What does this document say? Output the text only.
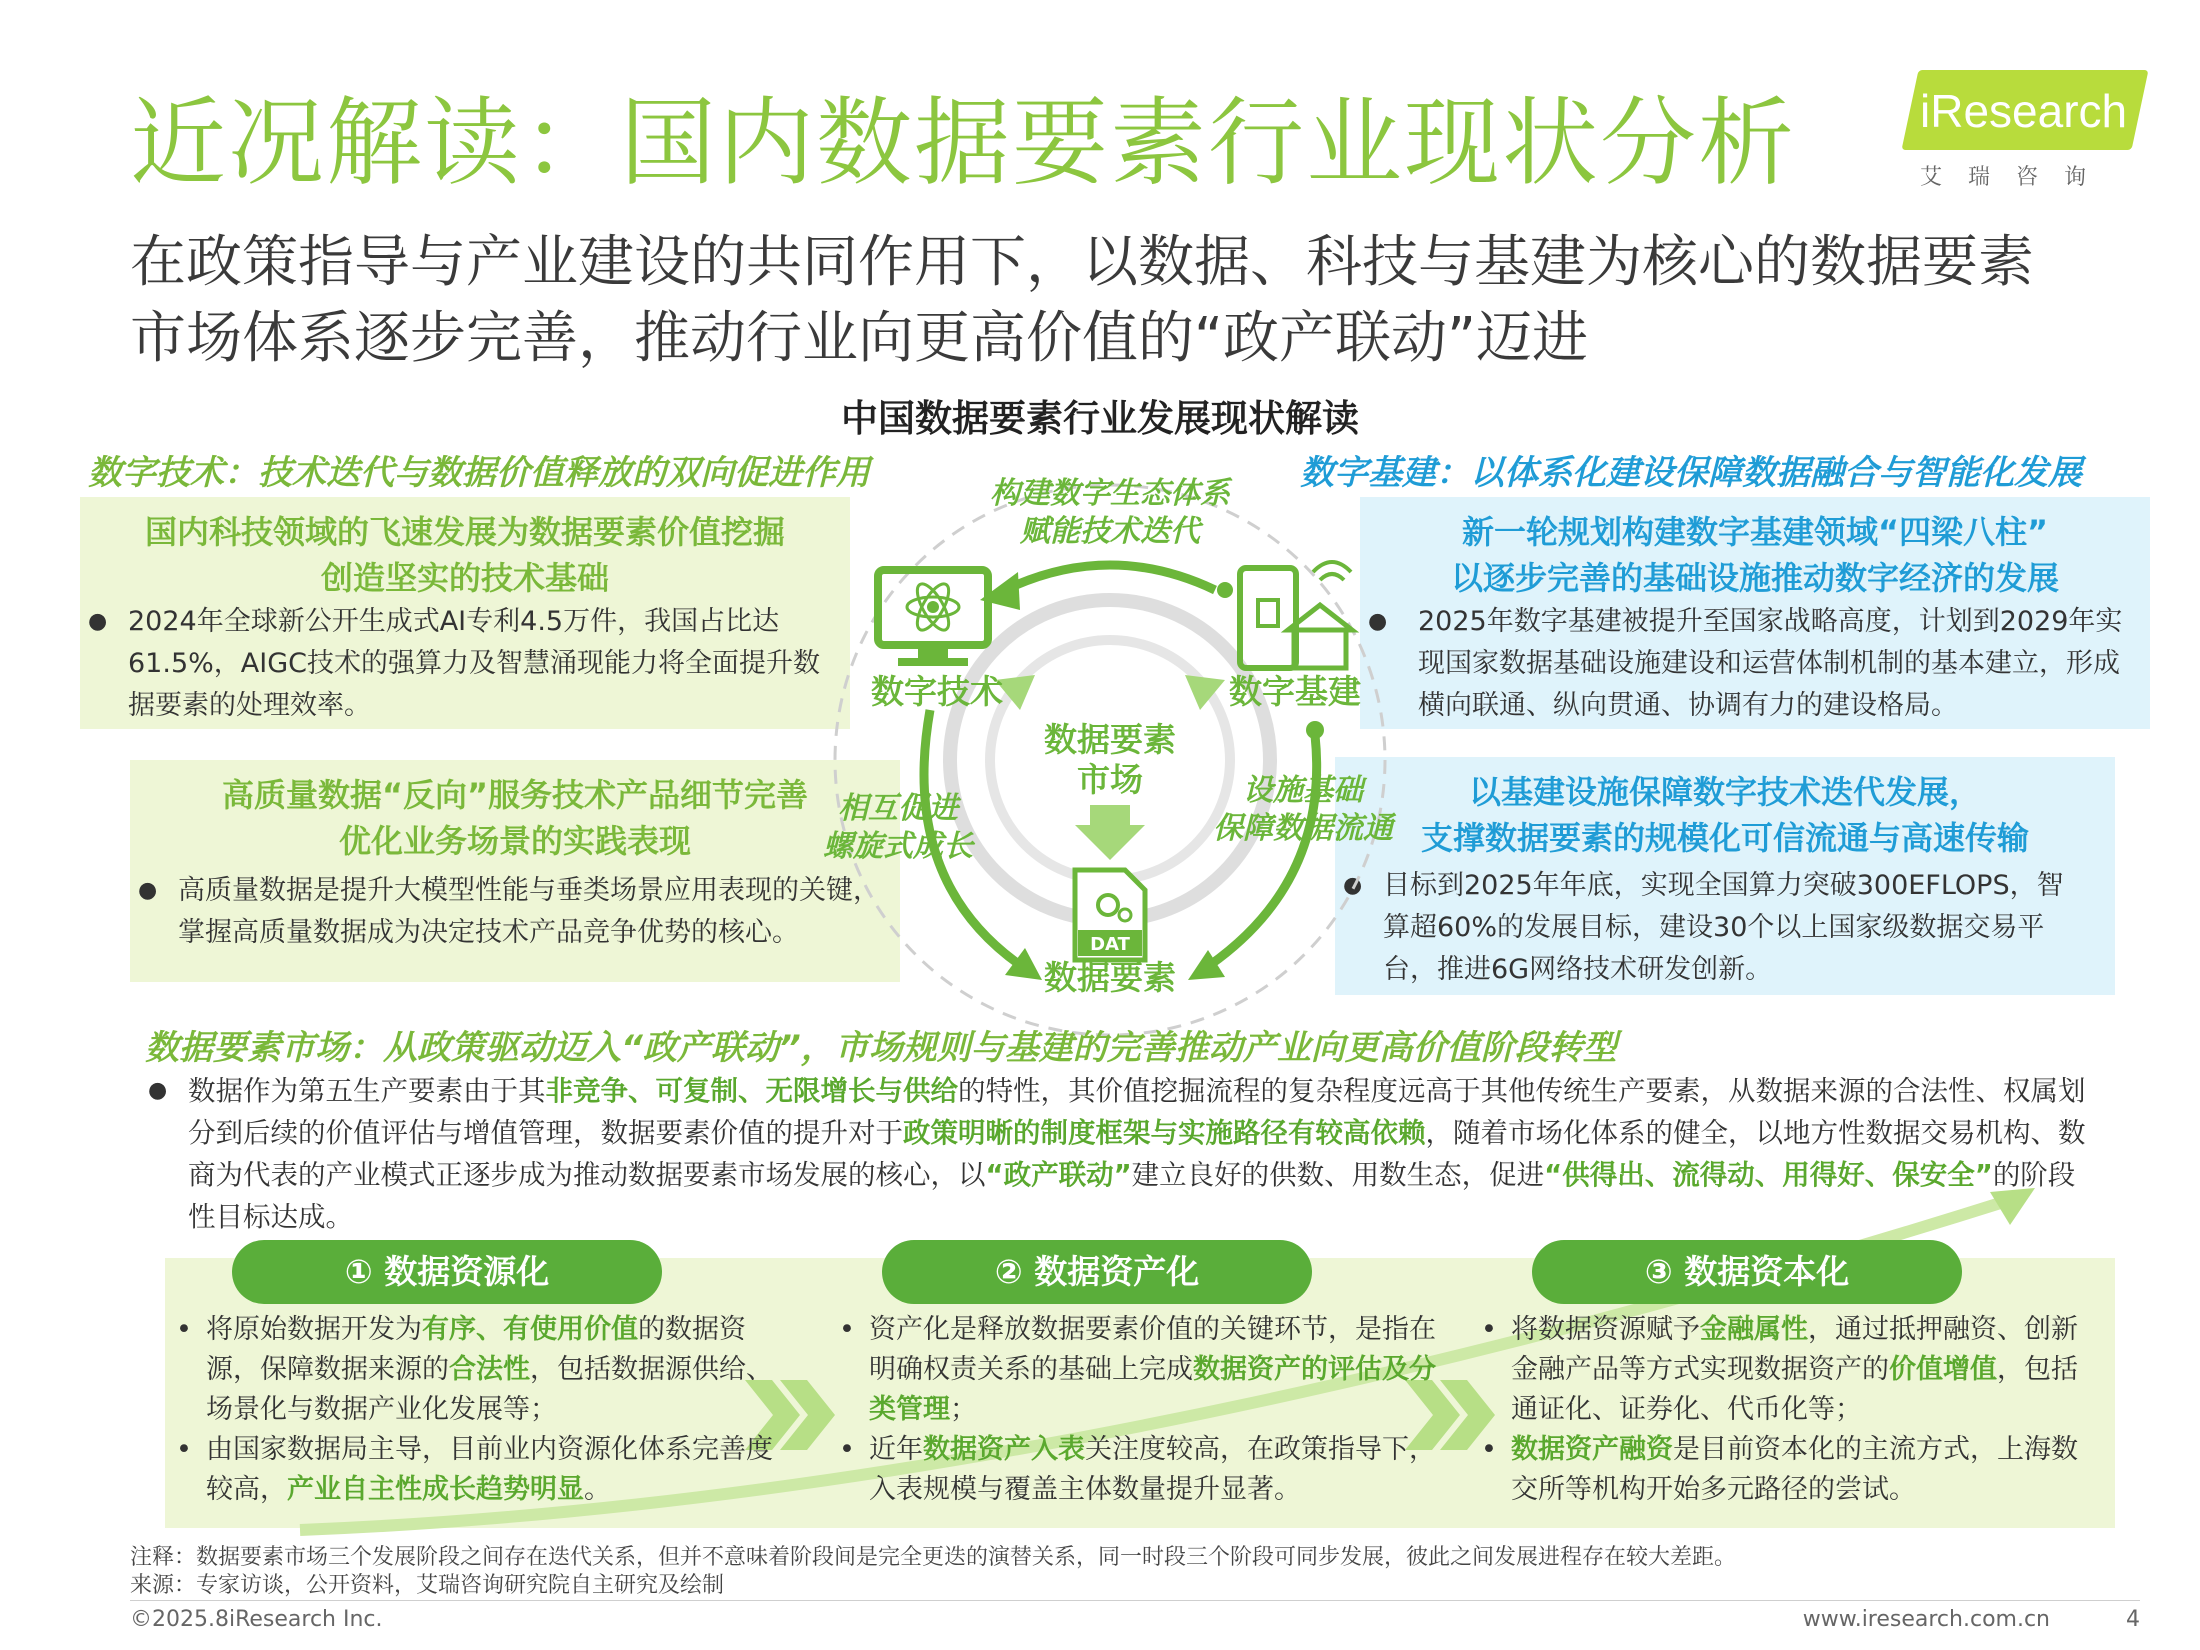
近况解读：国内数据要素行业现状分析
在政策指导与产业建设的共同作用下，以数据、科技与基建为核心的数据要素市场体系逐步完善，推动行业向更高价值的“政产联动”迈进
iResearch
艾瑞咨询
中国数据要素行业发展现状解读
数字技术：技术迭代与数据价值释放的双向促进作用
国内科技领域的飞速发展为数据要素价值挖掘
创造坚实的技术基础
● 2024年全球新公开生成式AI专利4.5万件，我国占比达61.5%，AIGC技术的强算力及智慧涌现能力将全面提升数据要素的处理效率。
高质量数据“反向”服务技术产品细节完善
优化业务场景的实践表现
● 高质量数据是提升大模型性能与垂类场景应用表现的关键，掌握高质量数据成为决定技术产品竞争优势的核心。
数字基建：以体系化建设保障数据融合与智能化发展
新一轮规划构建数字基建领域“四梁八柱”
以逐步完善的基础设施推动数字经济的发展
● 2025年数字基建被提升至国家战略高度，计划到2029年实现国家数据基础设施建设和运营体制机制的基本建立，形成横向联通、纵向贯通、协调有力的建设格局。
以基建设施保障数字技术迭代发展，
支撑数据要素的规模化可信流通与高速传输
● 目标到2025年年底，实现全国算力突破300EFLOPS，智算超60%的发展目标，建设30个以上国家级数据交易平台，推进6G网络技术研发创新。
DAT
构建数字生态体系
赋能技术迭代
数字技术	数字基建
数据要素
市场
数据要素
相互促进
螺旋式成长
设施基础
保障数据流通
数据要素市场：从政策驱动迈入“政产联动”，市场规则与基建的完善推动产业向更高价值阶段转型
● 数据作为第五生产要素由于其非竞争、可复制、无限增长与供给的特性，其价值挖掘流程的复杂程度远高于其他传统生产要素，从数据来源的合法性、权属划分到后续的价值评估与增值管理，数据要素价值的提升对于政策明晰的制度框架与实施路径有较高依赖，随着市场化体系的健全，以地方性数据交易机构、数商为代表的产业模式正逐步成为推动数据要素市场发展的核心，以“政产联动”建立良好的供数、用数生态，促进“供得出、流得动、用得好、保安全”的阶段性目标达成。
① 数据资源化	② 数据资产化	③ 数据资本化
• 将原始数据开发为有序、有使用价值的数据资源，保障数据来源的合法性，包括数据源供给、场景化与数据产业化发展等；
• 由国家数据局主导，目前业内资源化体系完善度较高，产业自主性成长趋势明显。
• 资产化是释放数据要素价值的关键环节，是指在明确权责关系的基础上完成数据资产的评估及分类管理；
• 近年数据资产入表关注度较高，在政策指导下，入表规模与覆盖主体数量提升显著。
• 将数据资源赋予金融属性，通过抵押融资、创新金融产品等方式实现数据资产的价值增值，包括通证化、证券化、代币化等；
• 数据资产融资是目前资本化的主流方式，上海数交所等机构开始多元路径的尝试。
注释：数据要素市场三个发展阶段之间存在迭代关系，但并不意味着阶段间是完全更迭的演替关系，同一时段三个阶段可同步发展，彼此之间发展进程存在较大差距。
来源：专家访谈，公开资料，艾瑞咨询研究院自主研究及绘制
©2025.8iResearch Inc.	www.iresearch.com.cn	4
